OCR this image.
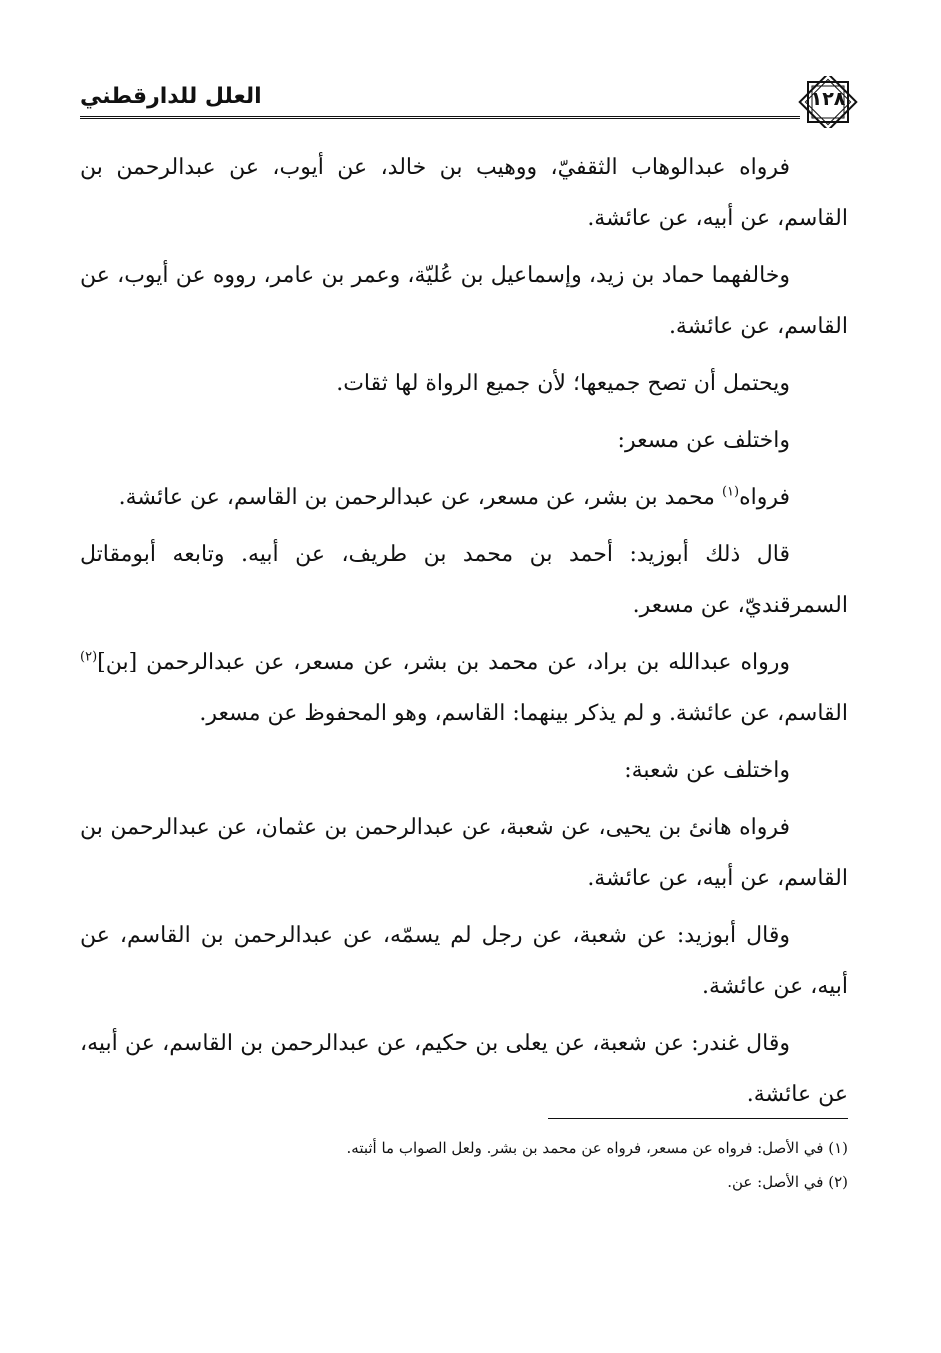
العلل للدارقطني	١٢٨

فرواه عبدالوهاب الثقفيّ، ووهيب بن خالد، عن أيوب، عن عبدالرحمن بن القاسم، عن أبيه، عن عائشة.

وخالفهما حماد بن زيد، وإسماعيل بن عُليّة، وعمر بن عامر، رووه عن أيوب، عن القاسم، عن عائشة.

ويحتمل أن تصح جميعها؛ لأن جميع الرواة لها ثقات.

واختلف عن مسعر:

فرواه$^{(١)}$ محمد بن بشر، عن مسعر، عن عبدالرحمن بن القاسم، عن عائشة.

قال ذلك أبوزيد: أحمد بن محمد بن طريف، عن أبيه. وتابعه أبومقاتل السمرقنديّ، عن مسعر.

ورواه عبدالله بن براد، عن محمد بن بشر، عن مسعر، عن عبدالرحمن [بن]$^{(٢)}$ القاسم، عن عائشة. و لم يذكر بينهما: القاسم، وهو المحفوظ عن مسعر.

واختلف عن شعبة:

فرواه هانئ بن يحيى، عن شعبة، عن عبدالرحمن بن عثمان، عن عبدالرحمن بن القاسم، عن أبيه، عن عائشة.

وقال أبوزيد: عن شعبة، عن رجل لم يسمّه، عن عبدالرحمن بن القاسم، عن أبيه، عن عائشة.

وقال غندر: عن شعبة، عن يعلى بن حكيم، عن عبدالرحمن بن القاسم، عن أبيه، عن عائشة.

(١) في الأصل: فرواه عن مسعر، فرواه عن محمد بن بشر. ولعل الصواب ما أثبته.

(٢) في الأصل: عن.
